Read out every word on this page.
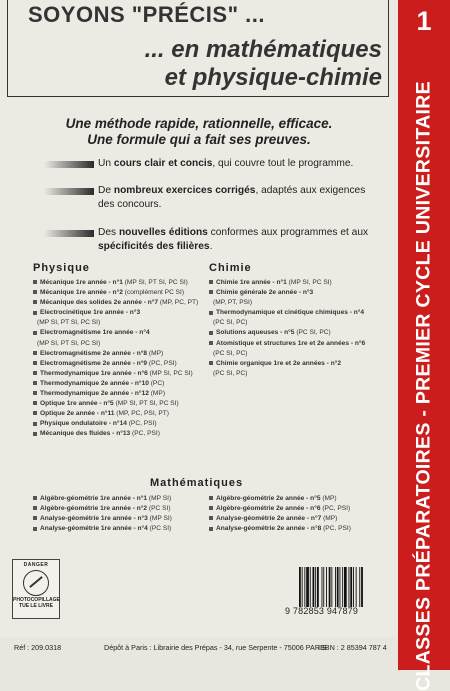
SOYONS "PRÉCIS" ...
... en mathématiques
et physique-chimie
Une méthode rapide, rationnelle, efficace.
Une formule qui a fait ses preuves.
Un cours clair et concis, qui couvre tout le programme.
De nombreux exercices corrigés, adaptés aux exigences des concours.
Des nouvelles éditions conformes aux programmes et aux spécificités des filières.
Physique	Chimie
Mécanique 1re année - n°1 (MP SI, PT SI, PC SI)
Mécanique 1re année - n°2 (complément PC SI)
Mécanique des solides 2e année - n°7 (MP, PC, PT)
Electrocinétique 1re année - n°3
(MP SI, PT SI, PC SI)
Electromagnétisme 1re année - n°4
(MP SI, PT SI, PC SI)
Electromagnétisme 2e année - n°8 (MP)
Electromagnétisme 2e année - n°9 (PC, PSI)
Thermodynamique 1re année - n°6 (MP SI, PC SI)
Thermodynamique 2e année - n°10 (PC)
Thermodynamique 2e année - n°12 (MP)
Optique 1re année - n°5 (MP SI, PT SI, PC SI)
Optique 2e année - n°11 (MP, PC, PSI, PT)
Physique ondulatoire - n°14 (PC, PSI)
Mécanique des fluides - n°13 (PC, PSI)
Chimie 1re année - n°1 (MP SI, PC SI)
Chimie générale 2e année - n°3
(MP, PT, PSI)
Thermodynamique et cinétique chimiques - n°4
(PC SI, PC)
Solutions aqueuses - n°5 (PC SI, PC)
Atomistique et structures 1re et 2e années - n°6
(PC SI, PC)
Chimie organique 1re et 2e années - n°2
(PC SI, PC)
Mathématiques
Algèbre-géométrie 1re année - n°1 (MP SI)
Algèbre-géométrie 1re année - n°2 (PC SI)
Analyse-géométrie 1re année - n°3 (MP SI)
Analyse-géométrie 1re année - n°4 (PC SI)
Algèbre-géométrie 2e année - n°5 (MP)
Algèbre-géométrie 2e année - n°6 (PC, PSI)
Analyse-géométrie 2e année - n°7 (MP)
Analyse-géométrie 2e année - n°8 (PC, PSI)
DANGER
PHOTOCOPILLAGE
TUE LE LIVRE	9 782853 947879
Réf : 209.0318	Dépôt à Paris : Librairie des Prépas - 34, rue Serpente - 75006 PARIS
ISBN : 2 85394 787 4
1
CLASSES PRÉPARATOIRES - PREMIER CYCLE UNIVERSITAIRE
